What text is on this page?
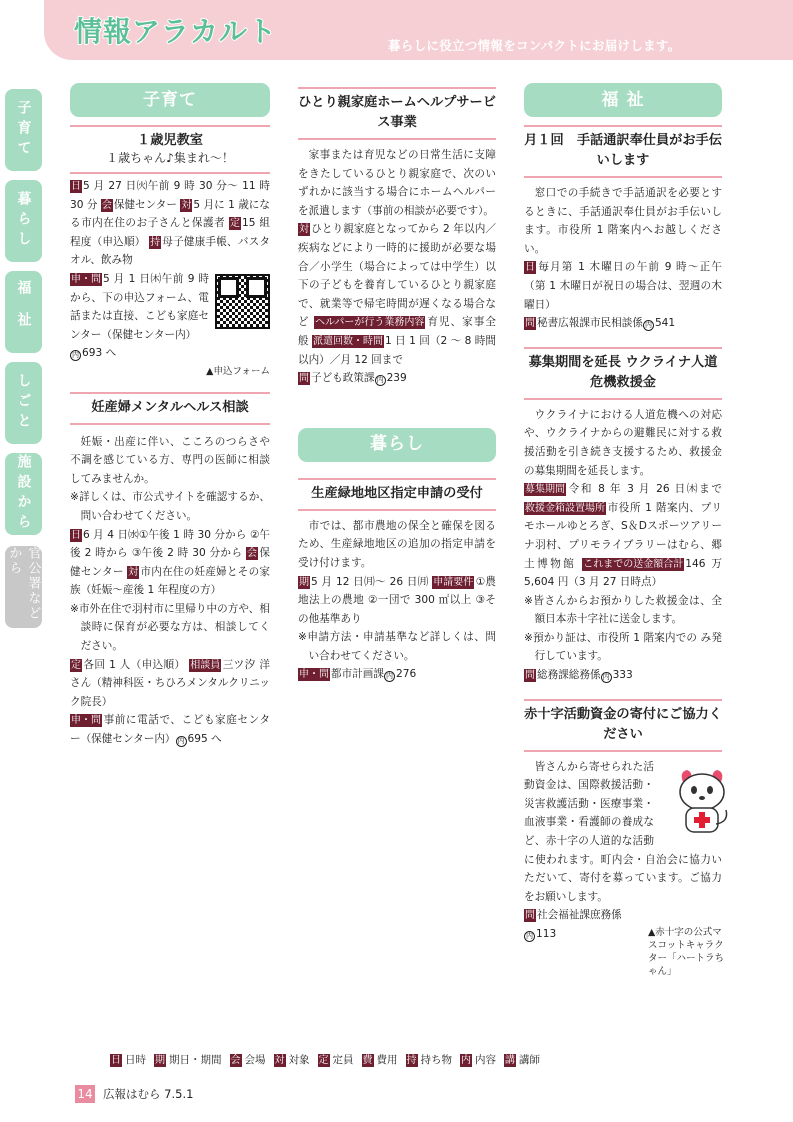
情報アラカルト	暮らしに役立つ情報をコンパクトにお届けします。
子育て
暮らし
福祉
しごと
施設から
官公署などから
子育て
１歳児教室
１歳ちゃん♪集まれ～！
日 5 月 27 日㈫午前 9 時 30 分～ 11 時 30 分 会 保健センター 対 5 月に 1 歳になる市内在住のお子さんと保護者 定 15 組程度（申込順） 持 母子健康手帳、バスタオル、飲み物
申・問 5 月 1 日㈭午前 9 時から、下の申込フォーム、電話または直接、こども家庭センター（保健センター内）
内 693 へ
▲申込フォーム
妊産婦メンタルヘルス相談
妊娠・出産に伴い、こころのつらさや不調を感じている方、専門の医師に相談してみませんか。
※詳しくは、市公式サイトを確認するか、問い合わせてください。
日 6 月 4 日㈬①午後 1 時 30 分から ②午後 2 時から ③午後 2 時 30 分から 会 保健センター 対 市内在住の妊産婦とその家族（妊娠～産後 1 年程度の方）
※市外在住で羽村市に里帰り中の方や、相談時に保育が必要な方は、相談してください。
定 各回 1 人（申込順） 相談員 三ツ汐 洋さん（精神科医・ちひろメンタルクリニック院長）
申・問 事前に電話で、こども家庭センター（保健センター内） 内 695 へ
ひとり親家庭ホームヘルプサービス事業
家事または育児などの日常生活に支障をきたしているひとり親家庭で、次のいずれかに該当する場合にホームヘルパーを派遣します（事前の相談が必要です）。
対 ひとり親家庭となってから 2 年以内／疾病などにより一時的に援助が必要な場合／小学生（場合によっては中学生）以下の子どもを養育しているひとり親家庭で、就業等で帰宅時間が遅くなる場合など ヘルパーが行う業務内容 育児、家事全般 派遣回数・時間 1 日 1 回（2 ～ 8 時間以内）／月 12 回まで
問 子ども政策課 内 239
暮らし
生産緑地地区指定申請の受付
市では、都市農地の保全と確保を図るため、生産緑地地区の追加の指定申請を受け付けます。
期 5 月 12 日㈪～ 26 日㈪ 申請要件 ①農地法上の農地 ②一団で 300 ㎡以上 ③その他基準あり
※申請方法・申請基準など詳しくは、問い合わせてください。
申・問 都市計画課 内 276
福 祉
月１回　手話通訳奉仕員がお手伝いします
窓口での手続きで手話通訳を必要とするときに、手話通訳奉仕員がお手伝いします。市役所 1 階案内へお越しください。
日 毎月第 1 木曜日の午前 9 時～正午（第 1 木曜日が祝日の場合は、翌週の木曜日）
問 秘書広報課市民相談係 内 541
募集期間を延長 ウクライナ人道危機救援金
ウクライナにおける人道危機への対応や、ウクライナからの避難民に対する救援活動を引き続き支援するため、救援金の募集期間を延長します。
募集期間 令和 8 年 3 月 26 日㈭まで 救援金箱設置場所 市役所 1 階案内、プリモホールゆとろぎ、S＆Dスポーツアリーナ羽村、プリモライブラリーはむら、郷土博物館 これまでの送金額合計 146 万 5,604 円（3 月 27 日時点）
※皆さんからお預かりした救援金は、全額日本赤十字社に送金します。
※預かり証は、市役所 1 階案内での み発行しています。
問 総務課総務係 内 333
赤十字活動資金の寄付にご協力ください
皆さんから寄せられた活動資金は、国際救援活動・災害救護活動・医療事業・血液事業・看護師の養成など、赤十字の人道的な活動に使われます。町内会・自治会に協力いただいて、寄付を募っています。ご協力をお願いします。
問 社会福祉課庶務係
内 113	▲赤十字の公式マスコットキャラクター「ハートラちゃん」
日 日時 期 期日・期間 会 会場 対 対象 定 定員 費 費用 持 持ち物 内 内容 講 講師
14 広報はむら 7.5.1
